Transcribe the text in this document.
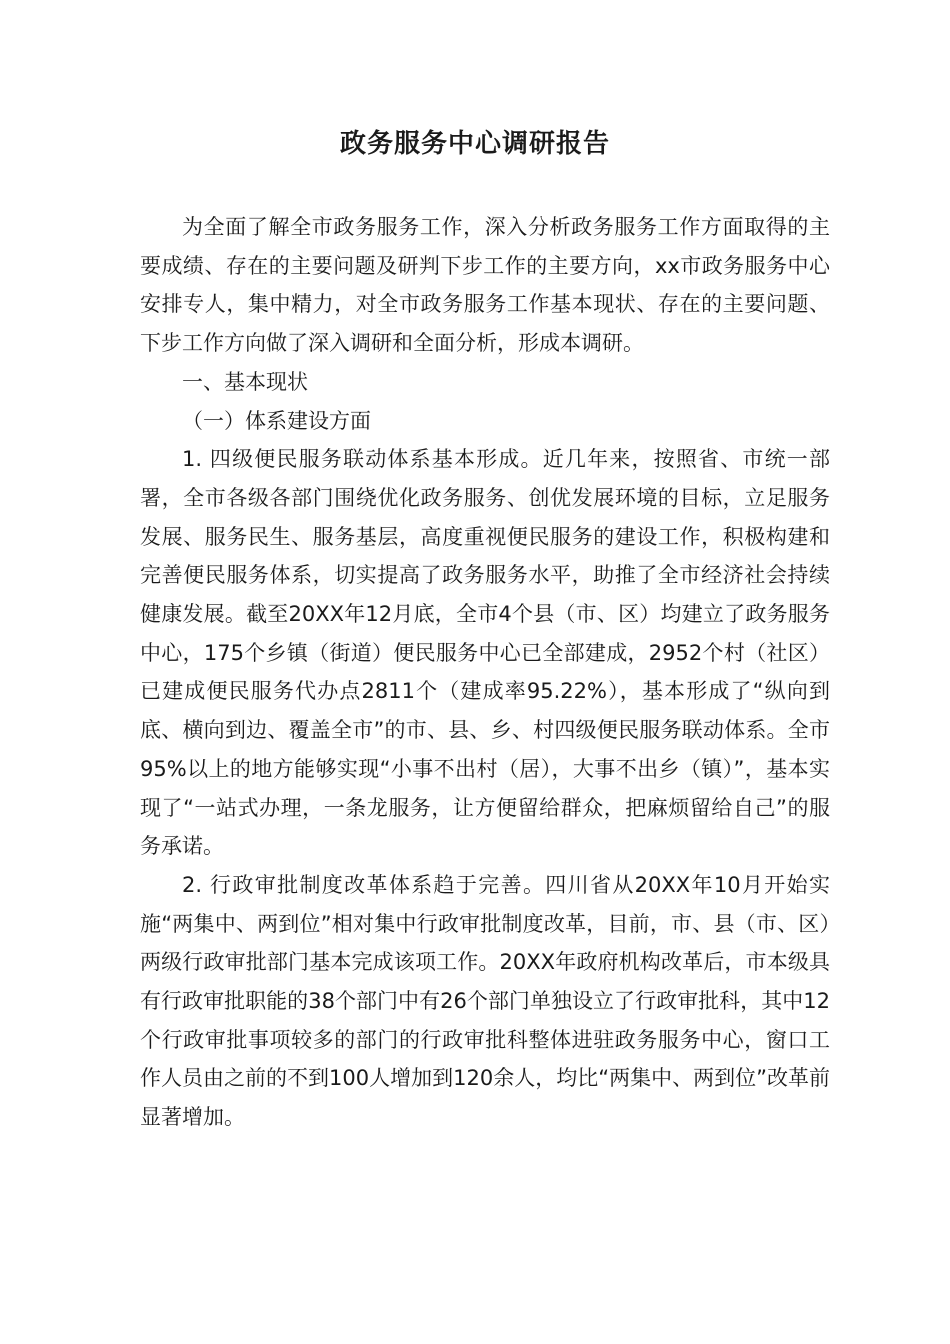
政务服务中心调研报告

为全面了解全市政务服务工作，深入分析政务服务工作方面取得的主要成绩、存在的主要问题及研判下步工作的主要方向，xx市政务服务中心安排专人，集中精力，对全市政务服务工作基本现状、存在的主要问题、下步工作方向做了深入调研和全面分析，形成本调研。

一、基本现状

（一）体系建设方面

1. 四级便民服务联动体系基本形成。近几年来，按照省、市统一部署，全市各级各部门围绕优化政务服务、创优发展环境的目标，立足服务发展、服务民生、服务基层，高度重视便民服务的建设工作，积极构建和完善便民服务体系，切实提高了政务服务水平，助推了全市经济社会持续健康发展。截至20XX年12月底，全市4个县（市、区）均建立了政务服务中心，175个乡镇（街道）便民服务中心已全部建成，2952个村（社区）已建成便民服务代办点2811个（建成率95.22%），基本形成了“纵向到底、横向到边、覆盖全市”的市、县、乡、村四级便民服务联动体系。全市95%以上的地方能够实现“小事不出村（居），大事不出乡（镇）”，基本实现了“一站式办理，一条龙服务，让方便留给群众，把麻烦留给自己”的服务承诺。

2. 行政审批制度改革体系趋于完善。四川省从20XX年10月开始实施“两集中、两到位”相对集中行政审批制度改革，目前，市、县（市、区）两级行政审批部门基本完成该项工作。20XX年政府机构改革后，市本级具有行政审批职能的38个部门中有26个部门单独设立了行政审批科，其中12个行政审批事项较多的部门的行政审批科整体进驻政务服务中心，窗口工作人员由之前的不到100人增加到120余人，均比“两集中、两到位”改革前显著增加。
